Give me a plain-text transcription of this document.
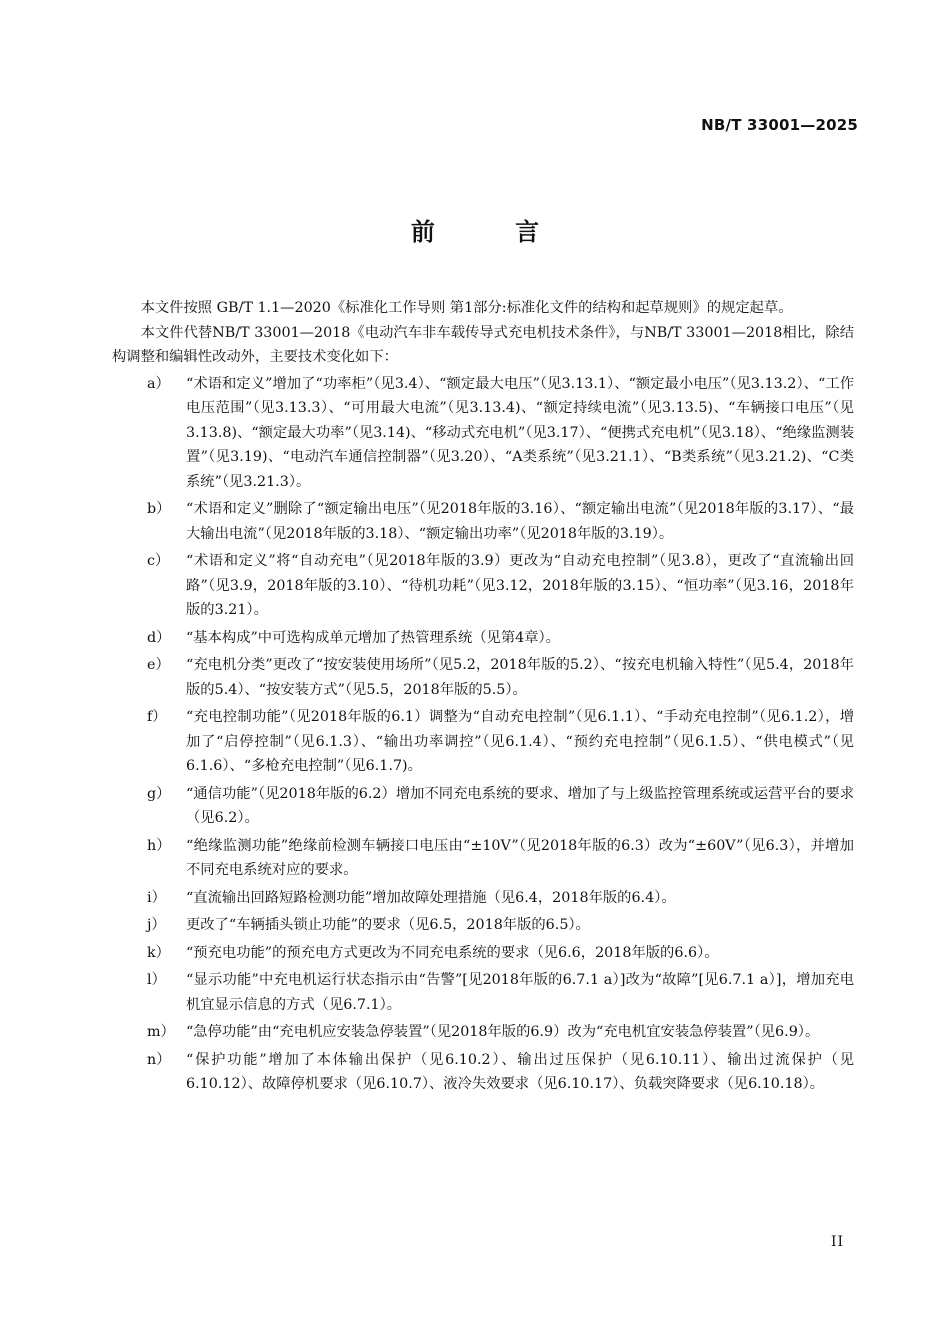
NB/T 33001—2025
前 言

本文件按照 GB/T 1.1—2020《标准化工作导则 第1部分:标准化文件的结构和起草规则》的规定起草。

本文件代替NB/T 33001—2018《电动汽车非车载传导式充电机技术条件》，与NB/T 33001—2018相比，除结构调整和编辑性改动外，主要技术变化如下：

a）	“术语和定义”增加了“功率柜”（见3.4）、“额定最大电压”（见3.13.1）、“额定最小电压”（见3.13.2）、“工作电压范围”（见3.13.3）、“可用最大电流”（见3.13.4)、“额定持续电流”（见3.13.5)、“车辆接口电压”（见3.13.8)、“额定最大功率”（见3.14)、“移动式充电机”（见3.17）、“便携式充电机”（见3.18）、“绝缘监测装置”（见3.19)、“电动汽车通信控制器”（见3.20）、“A类系统”（见3.21.1）、“B类系统”（见3.21.2)、“C类系统”（见3.21.3）。
b）	“术语和定义”删除了“额定输出电压”（见2018年版的3.16）、“额定输出电流”（见2018年版的3.17）、“最大输出电流”（见2018年版的3.18）、“额定输出功率”（见2018年版的3.19）。
c）	“术语和定义”将“自动充电”（见2018年版的3.9）更改为“自动充电控制”（见3.8），更改了“直流输出回路”（见3.9，2018年版的3.10）、“待机功耗”（见3.12，2018年版的3.15）、“恒功率”（见3.16，2018年版的3.21）。
d）	“基本构成”中可选构成单元增加了热管理系统（见第4章）。
e）	“充电机分类”更改了“按安装使用场所”（见5.2，2018年版的5.2）、“按充电机输入特性”（见5.4，2018年版的5.4）、“按安装方式”（见5.5，2018年版的5.5）。
f）	“充电控制功能”（见2018年版的6.1）调整为“自动充电控制”（见6.1.1）、“手动充电控制”（见6.1.2），增加了“启停控制”（见6.1.3）、“输出功率调控”（见6.1.4）、“预约充电控制”（见6.1.5）、“供电模式”（见6.1.6）、“多枪充电控制”（见6.1.7)。
g）	“通信功能”（见2018年版的6.2）增加不同充电系统的要求、增加了与上级监控管理系统或运营平台的要求（见6.2）。
h）	“绝缘监测功能”绝缘前检测车辆接口电压由“±10V”（见2018年版的6.3）改为“±60V”（见6.3），并增加不同充电系统对应的要求。
i）	“直流输出回路短路检测功能”增加故障处理措施（见6.4，2018年版的6.4）。
j）	更改了“车辆插头锁止功能”的要求（见6.5，2018年版的6.5）。
k）	“预充电功能”的预充电方式更改为不同充电系统的要求（见6.6，2018年版的6.6）。
l）	“显示功能”中充电机运行状态指示由“告警”[见2018年版的6.7.1 a）]改为“故障”[见6.7.1 a）]，增加充电机宜显示信息的方式（见6.7.1）。
m） “急停功能”由“充电机应安装急停装置”（见2018年版的6.9）改为“充电机宜安装急停装置”（见6.9）。
n）	“保护功能”增加了本体输出保护（见6.10.2）、输出过压保护（见6.10.11）、输出过流保护（见6.10.12）、故障停机要求（见6.10.7）、液冷失效要求（见6.10.17）、负载突降要求（见6.10.18）。
II
